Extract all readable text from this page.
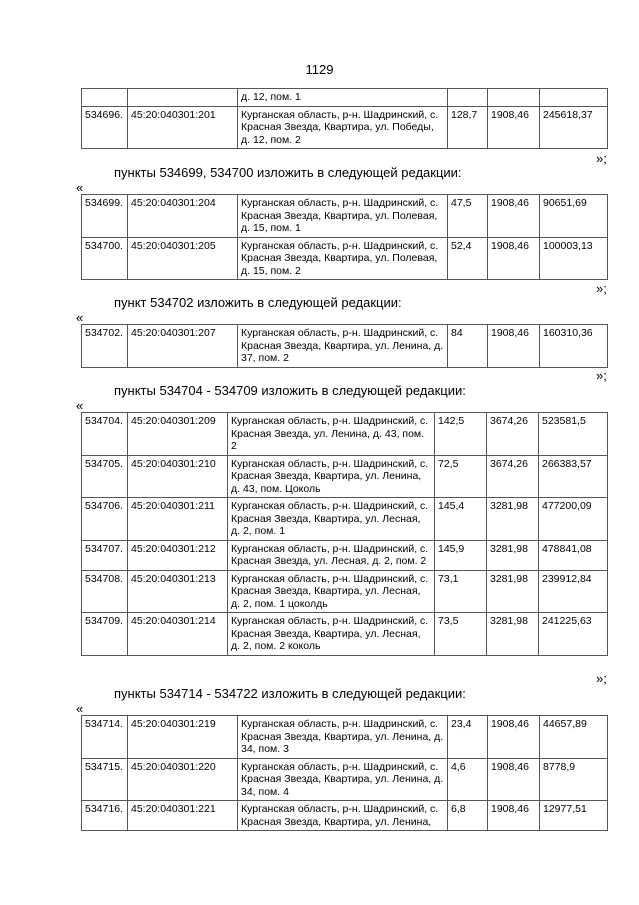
1129
		д. 12, пом. 1			
534696.	45:20:040301:201	Курганская область, р-н. Шадринский, с. Красная Звезда, Квартира, ул. Победы, д. 12, пом. 2	128,7	1908,46	245618,37
»;
пункты 534699, 534700 изложить в следующей редакции:
«
534699.	45:20:040301:204	Курганская область, р-н. Шадринский, с. Красная Звезда, Квартира, ул. Полевая, д. 15, пом. 1	47,5	1908,46	90651,69
534700.	45:20:040301:205	Курганская область, р-н. Шадринский, с. Красная Звезда, Квартира, ул. Полевая, д. 15, пом. 2	52,4	1908,46	100003,13
»;
пункт 534702 изложить в следующей редакции:
«
534702.	45:20:040301:207	Курганская область, р-н. Шадринский, с. Красная Звезда, Квартира, ул. Ленина, д. 37, пом. 2	84	1908,46	160310,36
»;
пункты 534704 - 534709 изложить в следующей редакции:
«
534704.	45:20:040301:209	Курганская область, р-н. Шадринский, с. Красная Звезда, ул. Ленина, д. 43, пом. 2	142,5	3674,26	523581,5
534705.	45:20:040301:210	Курганская область, р-н. Шадринский, с. Красная Звезда, Квартира, ул. Ленина, д. 43, пом. Цоколь	72,5	3674,26	266383,57
534706.	45:20:040301:211	Курганская область, р-н. Шадринский, с. Красная Звезда, Квартира, ул. Лесная, д. 2, пом. 1	145,4	3281,98	477200,09
534707.	45:20:040301:212	Курганская область, р-н. Шадринский, с. Красная Звезда, ул. Лесная, д. 2, пом. 2	145,9	3281,98	478841,08
534708.	45:20:040301:213	Курганская область, р-н. Шадринский, с. Красная Звезда, Квартира, ул. Лесная, д. 2, пом. 1 цоколдь	73,1	3281,98	239912,84
534709.	45:20:040301:214	Курганская область, р-н. Шадринский, с. Красная Звезда, Квартира, ул. Лесная, д. 2, пом. 2 коколь	73,5	3281,98	241225,63
»;
пункты 534714 - 534722 изложить в следующей редакции:
«
534714.	45:20:040301:219	Курганская область, р-н. Шадринский, с. Красная Звезда, Квартира, ул. Ленина, д. 34, пом. 3	23,4	1908,46	44657,89
534715.	45:20:040301:220	Курганская область, р-н. Шадринский, с. Красная Звезда, Квартира, ул. Ленина, д. 34, пом. 4	4,6	1908,46	8778,9
534716.	45:20:040301:221	Курганская область, р-н. Шадринский, с. Красная Звезда, Квартира, ул. Ленина,	6,8	1908,46	12977,51
